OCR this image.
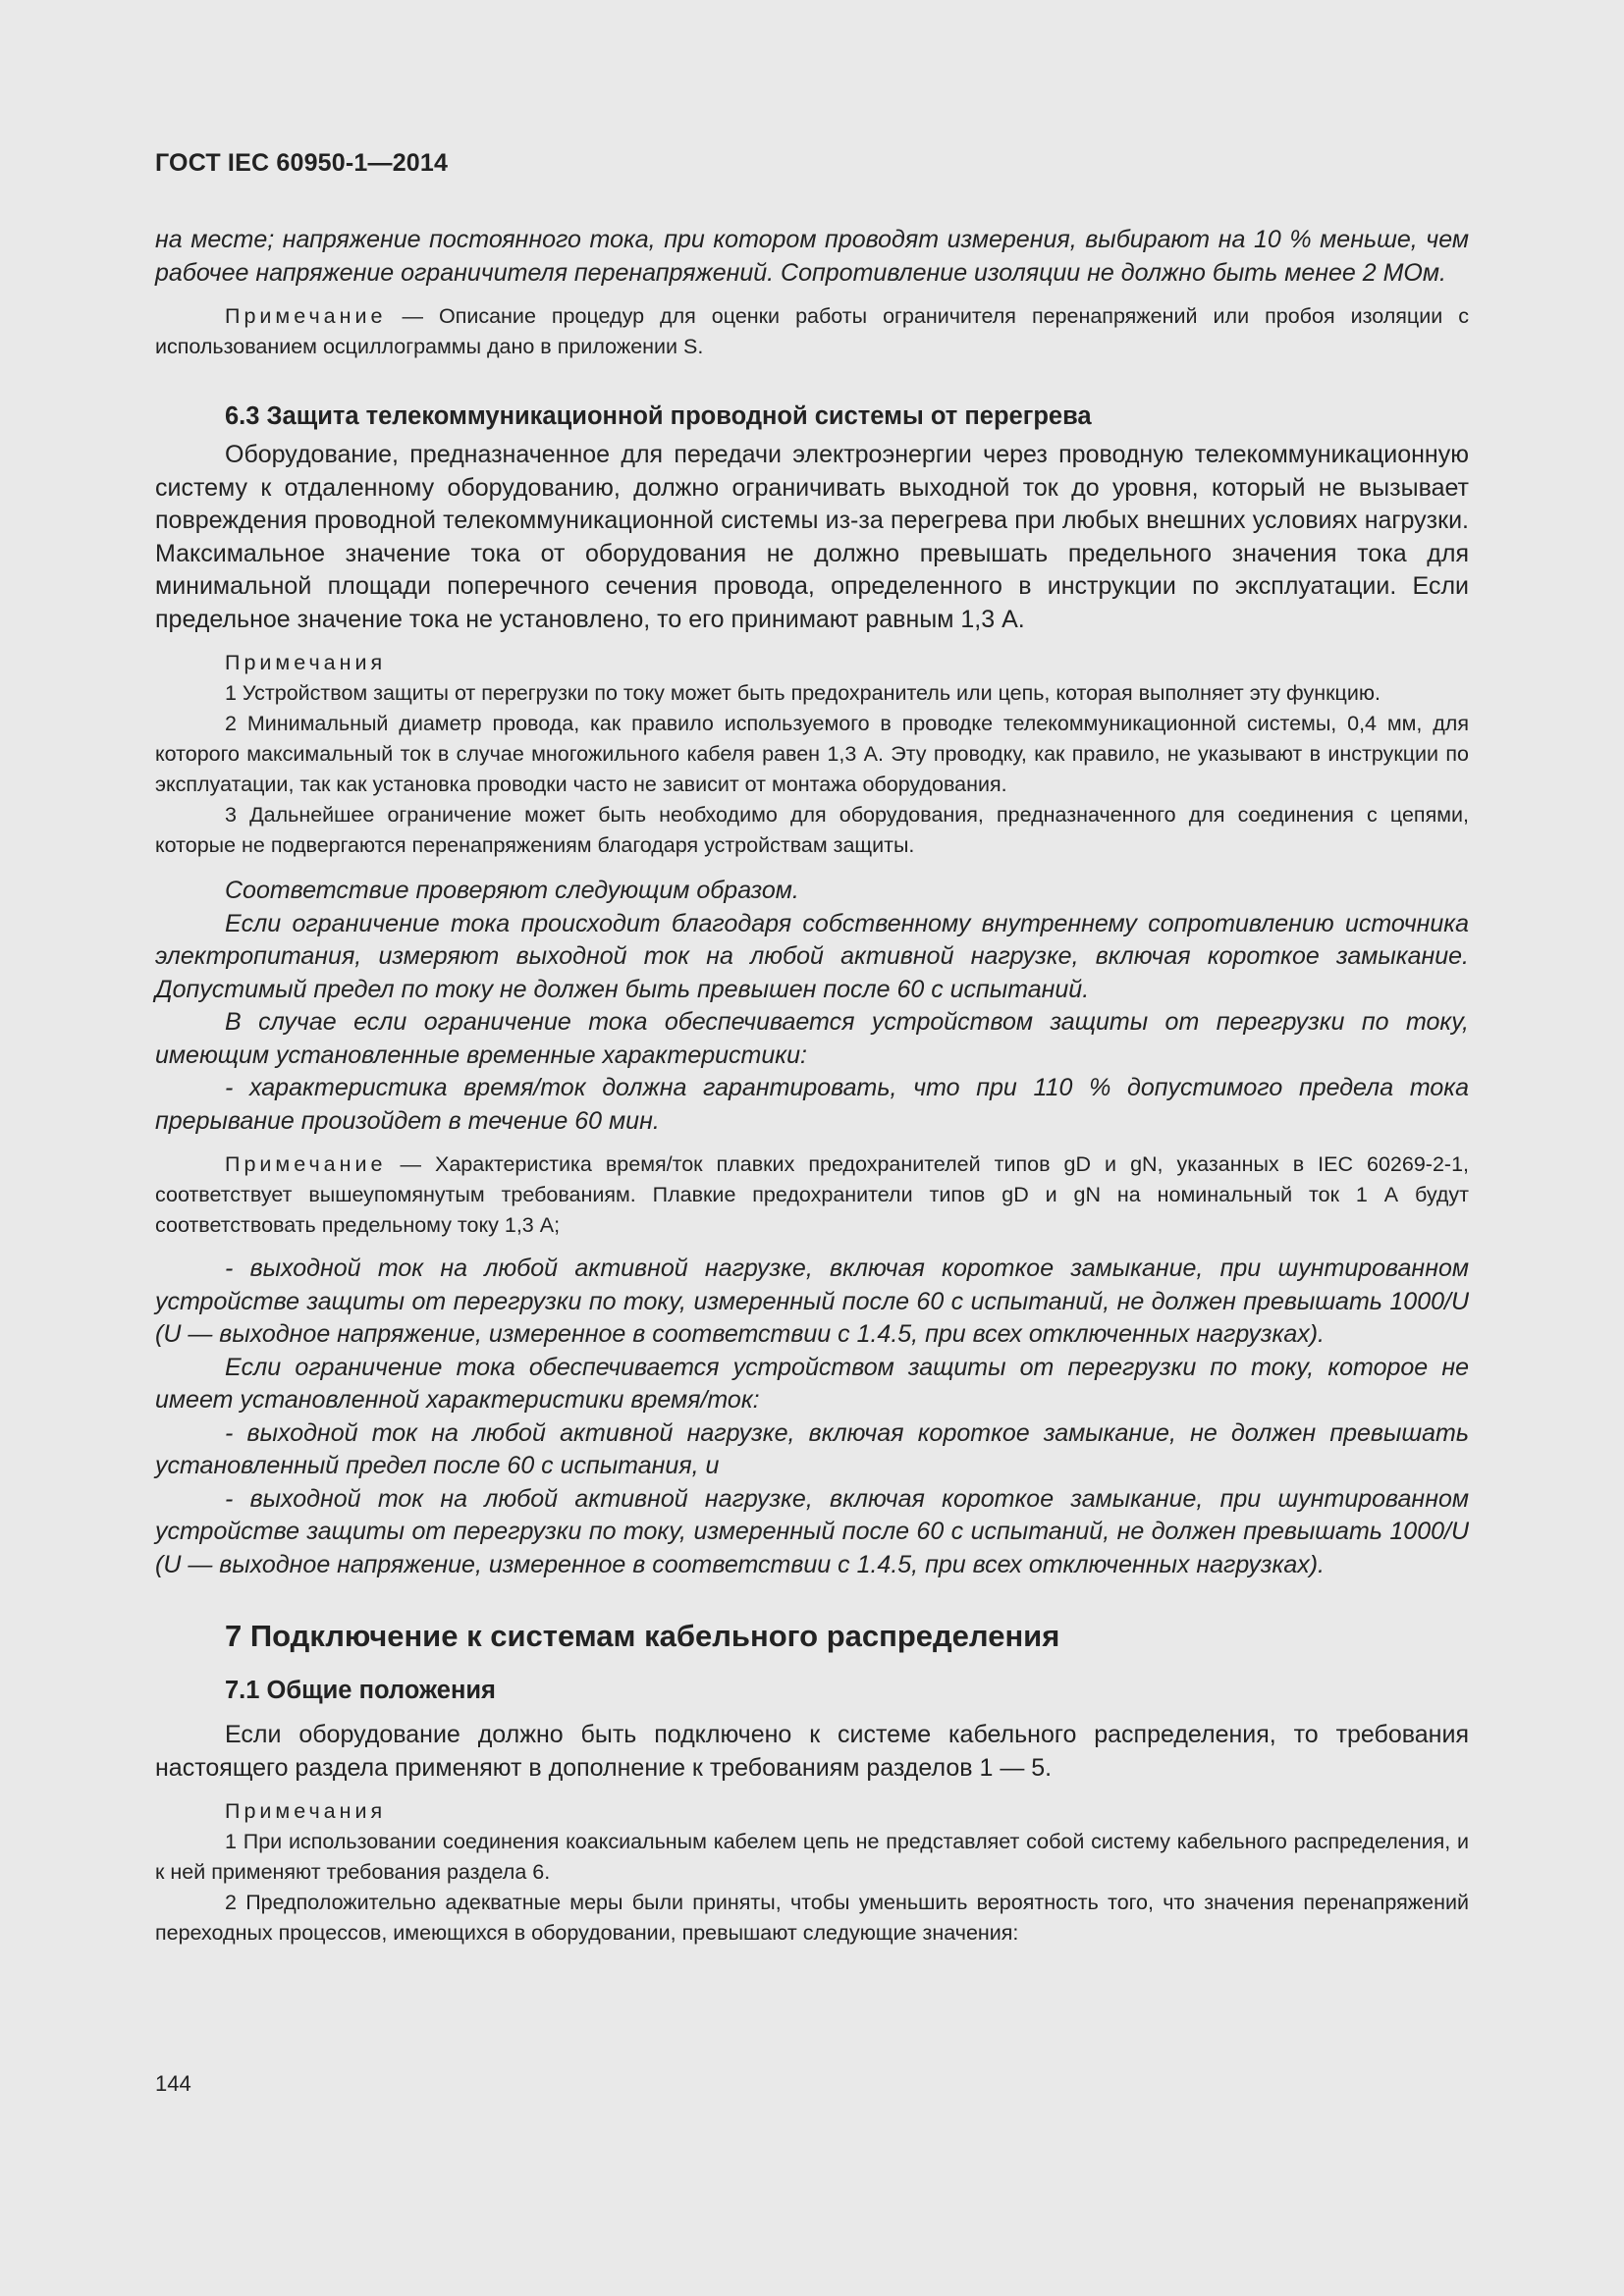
ГОСТ IEC 60950-1—2014

на месте; напряжение постоянного тока, при котором проводят измерения, выбирают на 10 % меньше, чем рабочее напряжение ограничителя перенапряжений. Сопротивление изоляции не должно быть менее 2 МОм.

Примечание — Описание процедур для оценки работы ограничителя перенапряжений или пробоя изоляции с использованием осциллограммы дано в приложении S.

6.3 Защита телекоммуникационной проводной системы от перегрева

Оборудование, предназначенное для передачи электроэнергии через проводную телекоммуникационную систему к отдаленному оборудованию, должно ограничивать выходной ток до уровня, который не вызывает повреждения проводной телекоммуникационной системы из-за перегрева при любых внешних условиях нагрузки. Максимальное значение тока от оборудования не должно превышать предельного значения тока для минимальной площади поперечного сечения провода, определенного в инструкции по эксплуатации. Если предельное значение тока не установлено, то его принимают равным 1,3 А.

Примечания

1 Устройством защиты от перегрузки по току может быть предохранитель или цепь, которая выполняет эту функцию.

2 Минимальный диаметр провода, как правило используемого в проводке телекоммуникационной системы, 0,4 мм, для которого максимальный ток в случае многожильного кабеля равен 1,3 А. Эту проводку, как правило, не указывают в инструкции по эксплуатации, так как установка проводки часто не зависит от монтажа оборудования.

3 Дальнейшее ограничение может быть необходимо для оборудования, предназначенного для соединения с цепями, которые не подвергаются перенапряжениям благодаря устройствам защиты.

Соответствие проверяют следующим образом.

Если ограничение тока происходит благодаря собственному внутреннему сопротивлению источника электропитания, измеряют выходной ток на любой активной нагрузке, включая короткое замыкание. Допустимый предел по току не должен быть превышен после 60 с испытаний.

В случае если ограничение тока обеспечивается устройством защиты от перегрузки по току, имеющим установленные временные характеристики:

- характеристика время/ток должна гарантировать, что при 110 % допустимого предела тока прерывание произойдет в течение 60 мин.

Примечание — Характеристика время/ток плавких предохранителей типов gD и gN, указанных в IEC 60269-2-1, соответствует вышеупомянутым требованиям. Плавкие предохранители типов gD и gN на номинальный ток 1 А будут соответствовать предельному току 1,3 А;

- выходной ток на любой активной нагрузке, включая короткое замыкание, при шунтированном устройстве защиты от перегрузки по току, измеренный после 60 с испытаний, не должен превышать 1000/U (U — выходное напряжение, измеренное в соответствии с 1.4.5, при всех отключенных нагрузках).

Если ограничение тока обеспечивается устройством защиты от перегрузки по току, которое не имеет установленной характеристики время/ток:

- выходной ток на любой активной нагрузке, включая короткое замыкание, не должен превышать установленный предел после 60 с испытания, и

- выходной ток на любой активной нагрузке, включая короткое замыкание, при шунтированном устройстве защиты от перегрузки по току, измеренный после 60 с испытаний, не должен превышать 1000/U (U — выходное напряжение, измеренное в соответствии с 1.4.5, при всех отключенных нагрузках).

7 Подключение к системам кабельного распределения

7.1 Общие положения

Если оборудование должно быть подключено к системе кабельного распределения, то требования настоящего раздела применяют в дополнение к требованиям разделов 1 — 5.

Примечания

1 При использовании соединения коаксиальным кабелем цепь не представляет собой систему кабельного распределения, и к ней применяют требования раздела 6.

2 Предположительно адекватные меры были приняты, чтобы уменьшить вероятность того, что значения перенапряжений переходных процессов, имеющихся в оборудовании, превышают следующие значения:

144
